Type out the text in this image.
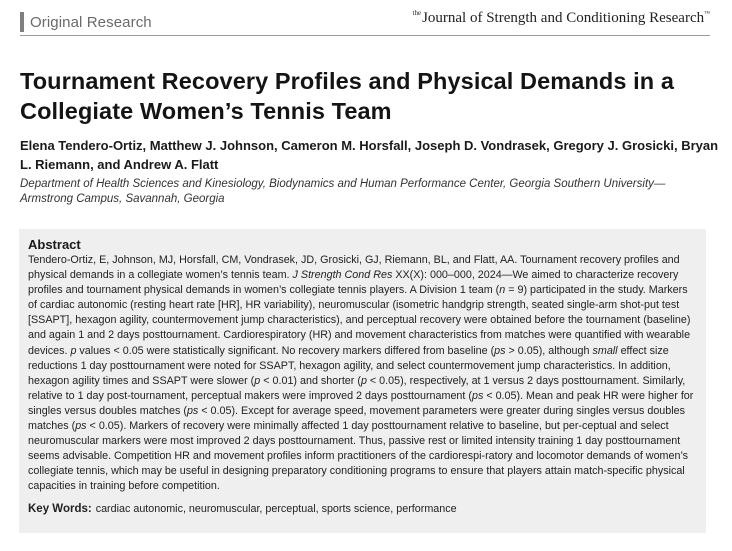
Original Research
$^{the}$Journal of Strength and Conditioning Research™
Tournament Recovery Profiles and Physical Demands in a Collegiate Women’s Tennis Team

Elena Tendero-Ortiz, Matthew J. Johnson, Cameron M. Horsfall, Joseph D. Vondrasek, Gregory J. Grosicki, Bryan L. Riemann, and Andrew A. Flatt

Department of Health Sciences and Kinesiology, Biodynamics and Human Performance Center, Georgia Southern University—Armstrong Campus, Savannah, Georgia

Abstract

Tendero-Ortiz, E, Johnson, MJ, Horsfall, CM, Vondrasek, JD, Grosicki, GJ, Riemann, BL, and Flatt, AA. Tournament recovery profiles and physical demands in a collegiate women’s tennis team. J Strength Cond Res XX(X): 000–000, 2024—We aimed to characterize recovery profiles and tournament physical demands in women’s collegiate tennis players. A Division 1 team (n = 9) participated in the study. Markers of cardiac autonomic (resting heart rate [HR], HR variability), neuromuscular (isometric handgrip strength, seated single-arm shot-put test [SSAPT], hexagon agility, countermovement jump characteristics), and perceptual recovery were obtained before the tournament (baseline) and again 1 and 2 days posttournament. Cardiorespiratory (HR) and movement characteristics from matches were quantified with wearable devices. p values < 0.05 were statistically significant. No recovery markers differed from baseline (ps > 0.05), although small effect size reductions 1 day posttournament were noted for SSAPT, hexagon agility, and select countermovement jump characteristics. In addition, hexagon agility times and SSAPT were slower (p < 0.01) and shorter (p < 0.05), respectively, at 1 versus 2 days posttournament. Similarly, relative to 1 day post-tournament, perceptual makers were improved 2 days posttournament (ps < 0.05). Mean and peak HR were higher for singles versus doubles matches (ps < 0.05). Except for average speed, movement parameters were greater during singles versus doubles matches (ps < 0.05). Markers of recovery were minimally affected 1 day posttournament relative to baseline, but per-ceptual and select neuromuscular markers were most improved 2 days posttournament. Thus, passive rest or limited intensity training 1 day posttournament seems advisable. Competition HR and movement profiles inform practitioners of the cardiorespi-ratory and locomotor demands of women’s collegiate tennis, which may be useful in designing preparatory conditioning programs to ensure that players attain match-specific physical capacities in training before competition.

Key Words: cardiac autonomic, neuromuscular, perceptual, sports science, performance
